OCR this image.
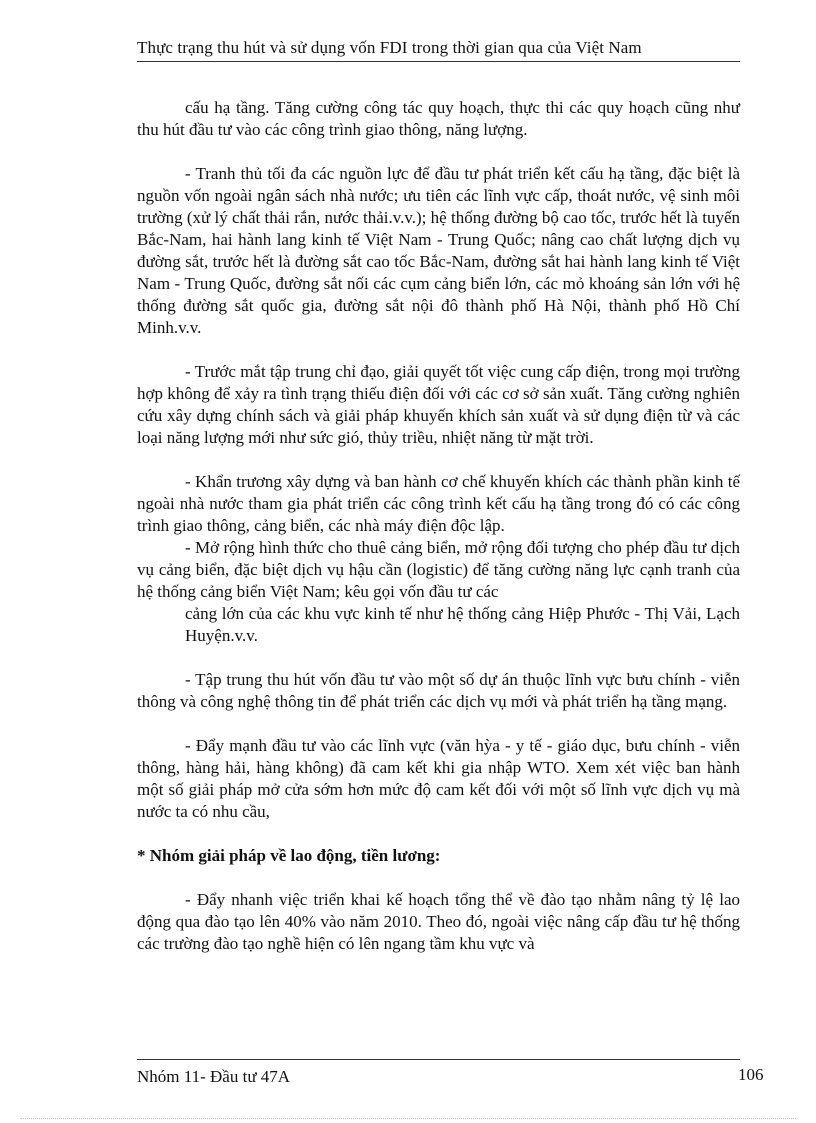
Thực trạng thu hút và sử dụng vốn FDI trong thời gian qua của Việt Nam

cấu hạ tầng. Tăng cường công tác quy hoạch, thực thi các quy hoạch cũng như thu hút đầu tư vào các công trình giao thông, năng lượng.

- Tranh thủ tối đa các nguồn lực để đầu tư phát triển kết cấu hạ tầng, đặc biệt là nguồn vốn ngoài ngân sách nhà nước; ưu tiên các lĩnh vực cấp, thoát nước, vệ sinh môi trường (xử lý chất thải rắn, nước thải.v.v.); hệ thống đường bộ cao tốc, trước hết là tuyến Bắc-Nam, hai hành lang kinh tế Việt Nam - Trung Quốc; nâng cao chất lượng dịch vụ đường sắt, trước hết là đường sắt cao tốc Bắc-Nam, đường sắt hai hành lang kinh tế Việt Nam - Trung Quốc, đường sắt nối các cụm cảng biển lớn, các mỏ khoáng sản lớn với hệ thống đường sắt quốc gia, đường sắt nội đô thành phố Hà Nội, thành phố Hồ Chí Minh.v.v.

- Trước mắt tập trung chỉ đạo, giải quyết tốt việc cung cấp điện, trong mọi trường hợp không để xảy ra tình trạng thiếu điện đối với các cơ sở sản xuất. Tăng cường nghiên cứu xây dựng chính sách và giải pháp khuyến khích sản xuất và sử dụng điện từ và các loại năng lượng mới như sức gió, thủy triều, nhiệt năng từ mặt trời.

- Khẩn trương xây dựng và ban hành cơ chế khuyến khích các thành phần kinh tế ngoài nhà nước tham gia phát triển các công trình kết cấu hạ tầng trong đó có các công trình giao thông, cảng biển, các nhà máy điện độc lập.

- Mở rộng hình thức cho thuê cảng biển, mở rộng đối tượng cho phép đầu tư dịch vụ cảng biển, đặc biệt dịch vụ hậu cần (logistic) để tăng cường năng lực cạnh tranh của hệ thống cảng biển Việt Nam; kêu gọi vốn đầu tư các

cảng lớn của các khu vực kinh tế như hệ thống cảng Hiệp Phước - Thị Vải, Lạch Huyện.v.v.

- Tập trung thu hút vốn đầu tư vào một số dự án thuộc lĩnh vực bưu chính - viễn thông và công nghệ thông tin để phát triển các dịch vụ mới và phát triển hạ tầng mạng.

- Đẩy mạnh đầu tư vào các lĩnh vực (văn hỳa - y tế - giáo dục, bưu chính - viễn thông, hàng hải, hàng không) đã cam kết khi gia nhập WTO. Xem xét việc ban hành một số giải pháp mở cửa sớm hơn mức độ cam kết đối với một số lĩnh vực dịch vụ mà nước ta có nhu cầu,

* Nhóm giải pháp về lao động, tiền lương:

- Đẩy nhanh việc triển khai kế hoạch tổng thể về đào tạo nhằm nâng tỷ lệ lao động qua đào tạo lên 40% vào năm 2010. Theo đó, ngoài việc nâng cấp đầu tư hệ thống các trường đào tạo nghề hiện có lên ngang tầm khu vực và

Nhóm 11- Đầu tư 47A	106
